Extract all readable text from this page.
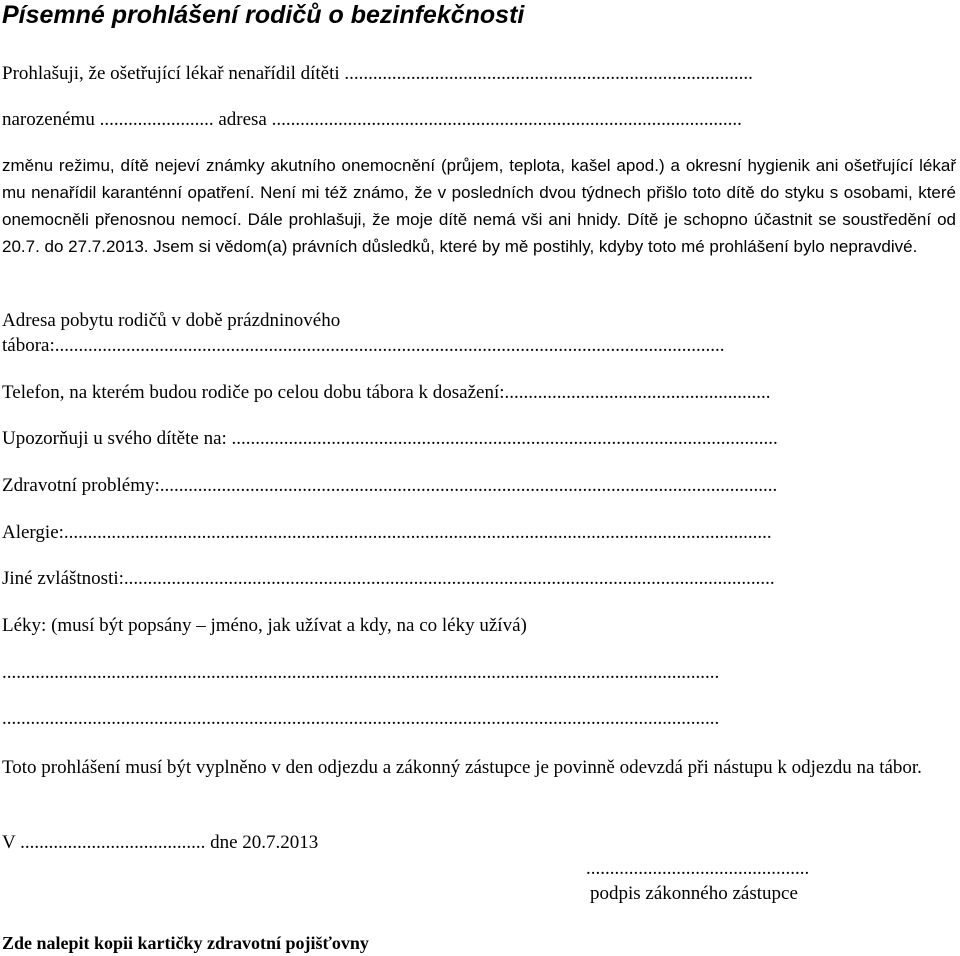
Písemné prohlášení rodičů o bezinfekčnosti
Prohlašuji, že ošetřující lékař nenařídil dítěti ......................................................................................
narozenému ........................ adresa ...................................................................................................
změnu režimu, dítě nejeví známky akutního onemocnění (průjem, teplota, kašel apod.) a okresní hygienik ani ošetřující lékař mu nenařídil karanténní opatření. Není mi též známo, že v posledních dvou týdnech přišlo toto dítě do styku s osobami, které onemocněli přenosnou nemocí. Dále prohlašuji, že moje dítě nemá vši ani hnidy. Dítě je schopno účastnit se soustředění od 20.7. do 27.7.2013. Jsem si vědom(a) právních důsledků, které by mě postihly, kdyby toto mé prohlášení bylo nepravdivé.
Adresa pobytu rodičů v době prázdninového
tábora:.............................................................................................................................................
Telefon, na kterém budou rodiče po celou dobu tábora k dosažení:........................................................
Upozorňuji u svého dítěte na: ...................................................................................................................
Zdravotní problémy:..................................................................................................................................
Alergie:.....................................................................................................................................................
Jiné zvláštnosti:.........................................................................................................................................
Léky: (musí být popsány – jméno, jak užívat a kdy, na co léky užívá)
.......................................................................................................................................................
.......................................................................................................................................................
Toto prohlášení musí být vyplněno v den odjezdu a zákonný zástupce je povinně odevzdá při nástupu k odjezdu na tábor.
V ....................................... dne 20.7.2013
...............................................
podpis zákonného zástupce
Zde nalepit kopii kartičky zdravotní pojišťovny
